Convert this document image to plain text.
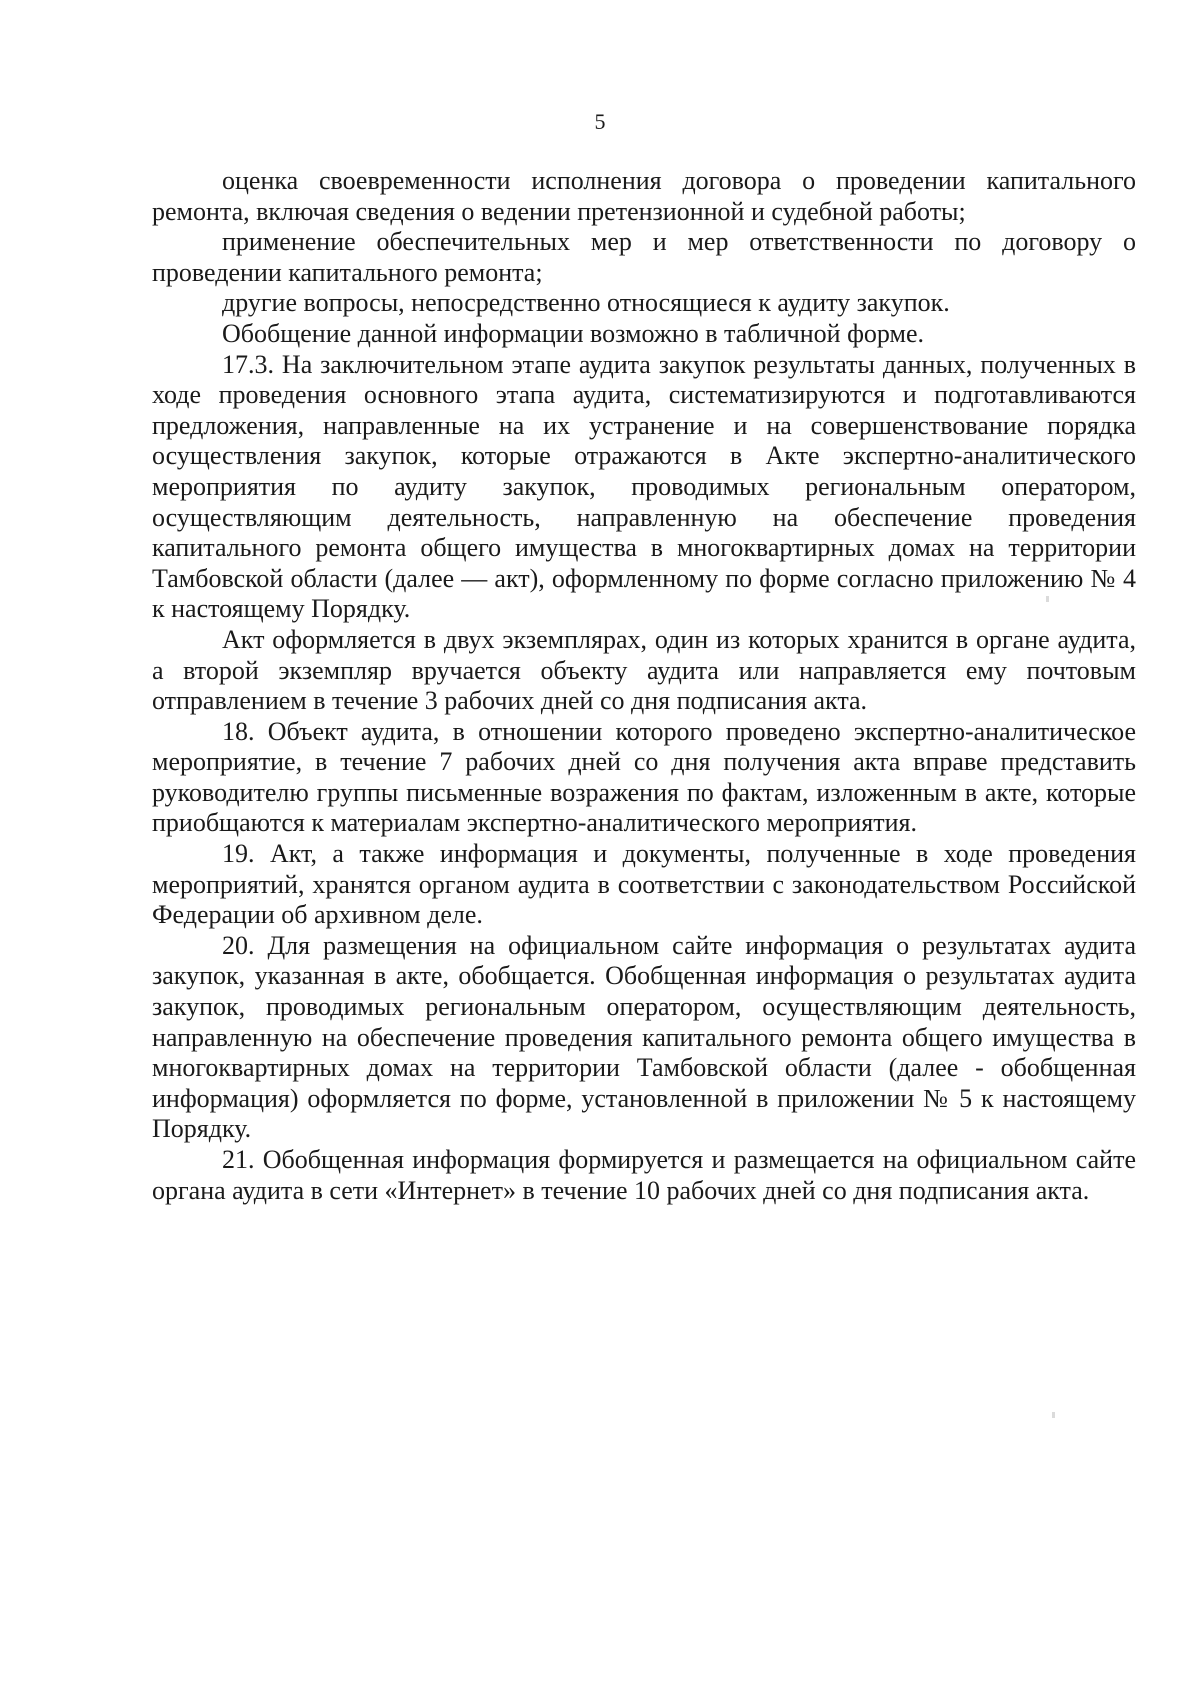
5

оценка своевременности исполнения договора о проведении капитального ремонта, включая сведения о ведении претензионной и судебной работы;

применение обеспечительных мер и мер ответственности по договору о проведении капитального ремонта;

другие вопросы, непосредственно относящиеся к аудиту закупок.

Обобщение данной информации возможно в табличной форме.

17.3. На заключительном этапе аудита закупок результаты данных, полученных в ходе проведения основного этапа аудита, систематизируются и подготавливаются предложения, направленные на их устранение и на совершенствование порядка осуществления закупок, которые отражаются в Акте экспертно-аналитического мероприятия по аудиту закупок, проводимых региональным оператором, осуществляющим деятельность, направленную на обеспечение проведения капитального ремонта общего имущества в многоквартирных домах на территории Тамбовской области (далее — акт), оформленному по форме согласно приложению № 4 к настоящему Порядку.

Акт оформляется в двух экземплярах, один из которых хранится в органе аудита, а второй экземпляр вручается объекту аудита или направляется ему почтовым отправлением в течение 3 рабочих дней со дня подписания акта.

18. Объект аудита, в отношении которого проведено экспертно-аналитическое мероприятие, в течение 7 рабочих дней со дня получения акта вправе представить руководителю группы письменные возражения по фактам, изложенным в акте, которые приобщаются к материалам экспертно-аналитического мероприятия.

19. Акт, а также информация и документы, полученные в ходе проведения мероприятий, хранятся органом аудита в соответствии с законодательством Российской Федерации об архивном деле.

20. Для размещения на официальном сайте информация о результатах аудита закупок, указанная в акте, обобщается. Обобщенная информация о результатах аудита закупок, проводимых региональным оператором, осуществляющим деятельность, направленную на обеспечение проведения капитального ремонта общего имущества в многоквартирных домах на территории Тамбовской области (далее - обобщенная информация) оформляется по форме, установленной в приложении № 5 к настоящему Порядку.

21. Обобщенная информация формируется и размещается на официальном сайте органа аудита в сети «Интернет» в течение 10 рабочих дней со дня подписания акта.
